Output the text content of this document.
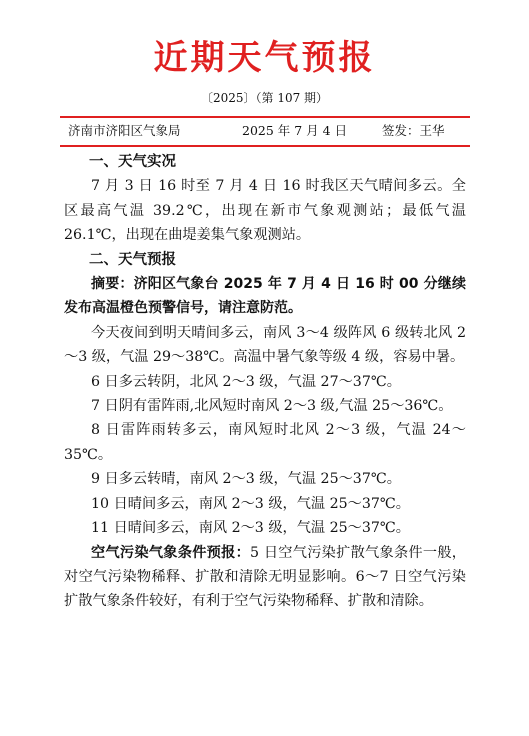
近期天气预报
〔2025〕（第 107 期）
济南市济阳区气象局	2025 年 7 月 4 日	签发：王华

一、天气实况

7 月 3 日 16 时至 7 月 4 日 16 时我区天气晴间多云。全区最高气温 39.2℃，出现在新市气象观测站；最低气温 26.1℃，出现在曲堤姜集气象观测站。

二、天气预报

摘要：济阳区气象台 2025 年 7 月 4 日 16 时 00 分继续发布高温橙色预警信号，请注意防范。

今天夜间到明天晴间多云，南风 3～4 级阵风 6 级转北风 2～3 级，气温 29～38℃。高温中暑气象等级 4 级，容易中暑。

6 日多云转阴，北风 2～3 级，气温 27～37℃。

7 日阴有雷阵雨,北风短时南风 2～3 级,气温 25～36℃。

8 日雷阵雨转多云，南风短时北风 2～3 级，气温 24～35℃。

9 日多云转晴，南风 2～3 级，气温 25～37℃。

10 日晴间多云，南风 2～3 级，气温 25～37℃。

11 日晴间多云，南风 2～3 级，气温 25～37℃。

空气污染气象条件预报：5 日空气污染扩散气象条件一般，对空气污染物稀释、扩散和清除无明显影响。6～7 日空气污染扩散气象条件较好，有利于空气污染物稀释、扩散和清除。
